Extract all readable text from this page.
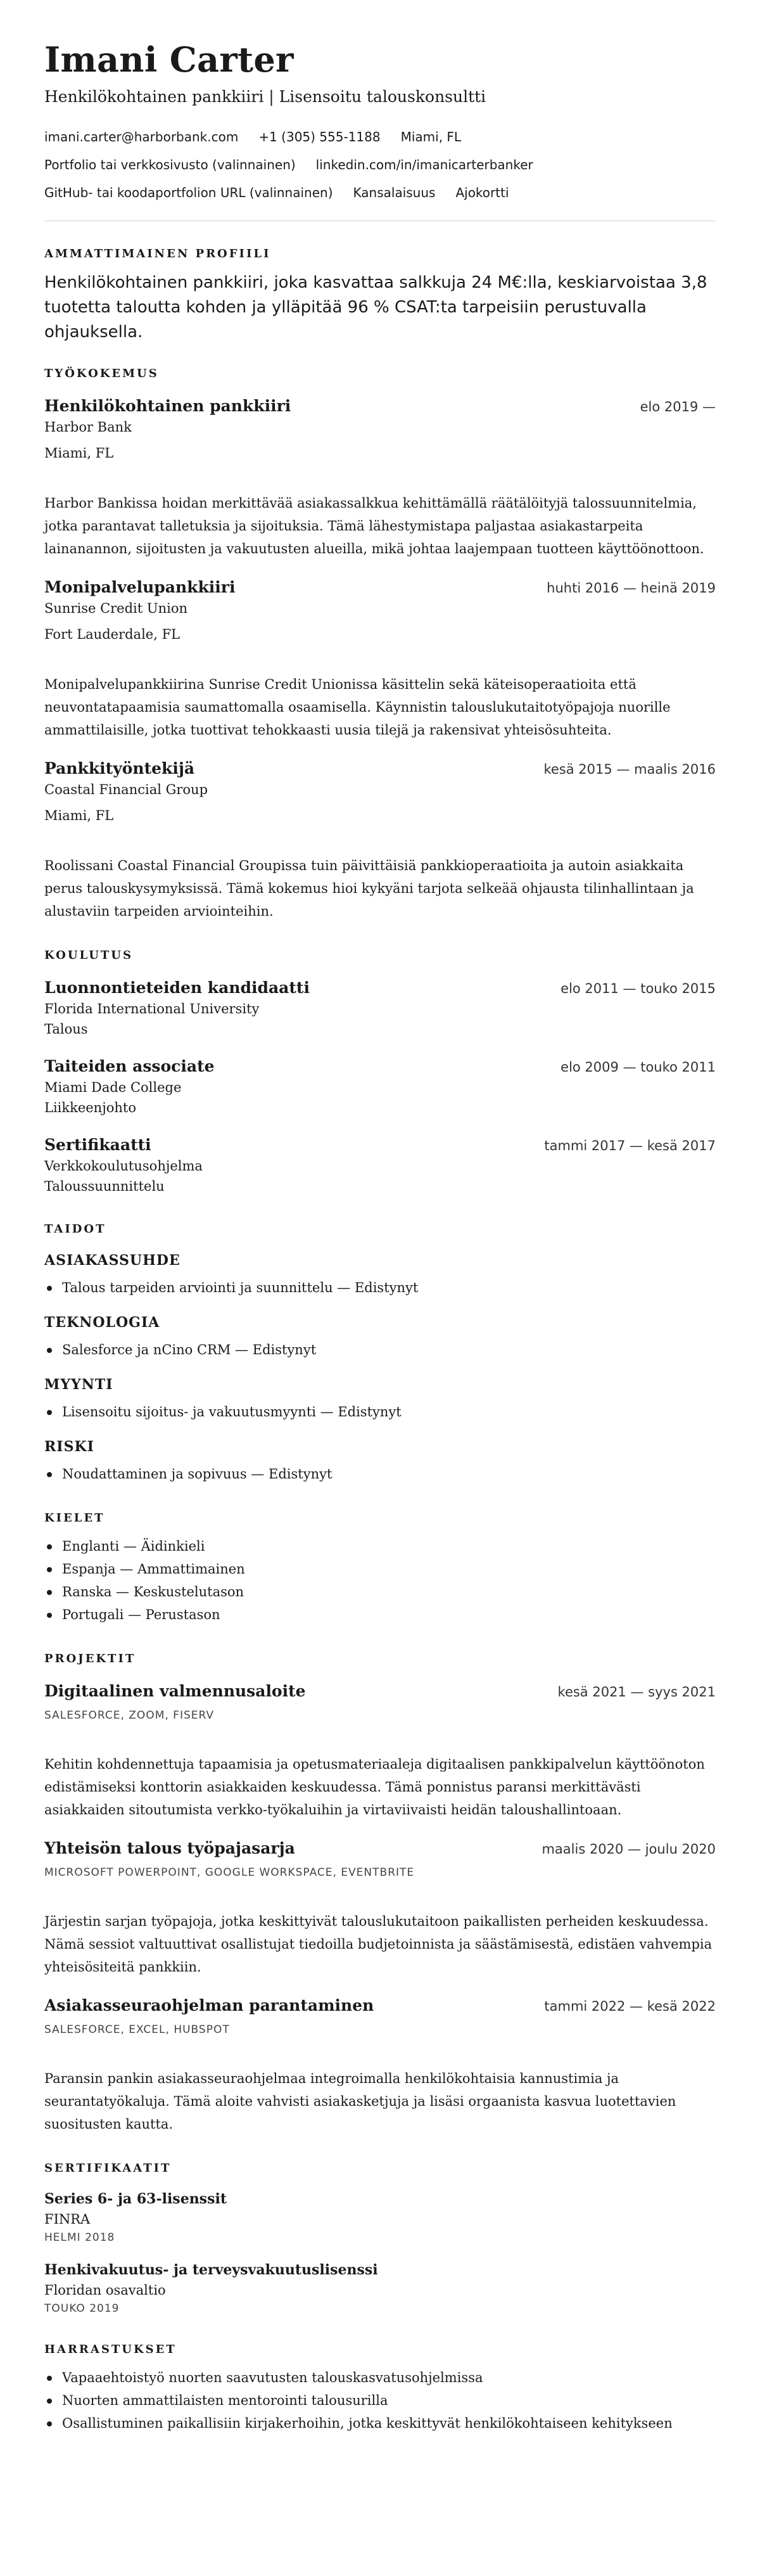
Imani Carter
Henkilökohtainen pankkiiri | Lisensoitu talouskonsultti
imani.carter@harborbank.com +1 (305) 555-1188 Miami, FL
Portfolio tai verkkosivusto (valinnainen) linkedin.com/in/imanicarterbanker
GitHub- tai koodaportfolion URL (valinnainen) Kansalaisuus Ajokortti
AMMATTIMAINEN PROFIILI

Henkilökohtainen pankkiiri, joka kasvattaa salkkuja 24 M€:lla, keskiarvoistaa 3,8 tuotetta taloutta kohden ja ylläpitää 96 % CSAT:ta tarpeisiin perustuvalla ohjauksella.

TYÖKOKEMUS
Henkilökohtainen pankkiiri	elo 2019 —
Harbor Bank
Miami, FL

Harbor Bankissa hoidan merkittävää asiakassalkkua kehittämällä räätälöityjä talossuunnitelmia, jotka parantavat talletuksia ja sijoituksia. Tämä lähestymistapa paljastaa asiakastarpeita lainanannon, sijoitusten ja vakuutusten alueilla, mikä johtaa laajempaan tuotteen käyttöönottoon.

Monipalvelupankkiiri	huhti 2016 — heinä 2019
Sunrise Credit Union
Fort Lauderdale, FL

Monipalvelupankkiirina Sunrise Credit Unionissa käsittelin sekä käteisoperaatioita että neuvontatapaamisia saumattomalla osaamisella. Käynnistin talouslukutaitotyöpajoja nuorille ammattilaisille, jotka tuottivat tehokkaasti uusia tilejä ja rakensivat yhteisösuhteita.

Pankkityöntekijä	kesä 2015 — maalis 2016
Coastal Financial Group
Miami, FL

Roolissani Coastal Financial Groupissa tuin päivittäisiä pankkioperaatioita ja autoin asiakkaita perus talouskysymyksissä. Tämä kokemus hioi kykyäni tarjota selkeää ohjausta tilinhallintaan ja alustaviin tarpeiden arviointeihin.

KOULUTUS
Luonnontieteiden kandidaatti	elo 2011 — touko 2015
Florida International University
Talous
Taiteiden associate	elo 2009 — touko 2011
Miami Dade College
Liikkeenjohto
Sertifikaatti	tammi 2017 — kesä 2017
Verkkokoulutusohjelma
Taloussuunnittelu
TAIDOT
ASIAKASSUHDE
Talous tarpeiden arviointi ja suunnittelu — Edistynyt
TEKNOLOGIA
Salesforce ja nCino CRM — Edistynyt
MYYNTI
Lisensoitu sijoitus- ja vakuutusmyynti — Edistynyt
RISKI
Noudattaminen ja sopivuus — Edistynyt
KIELET
Englanti — Äidinkieli
Espanja — Ammattimainen
Ranska — Keskustelutason
Portugali — Perustason
PROJEKTIT
Digitaalinen valmennusaloite	kesä 2021 — syys 2021
SALESFORCE, ZOOM, FISERV

Kehitin kohdennettuja tapaamisia ja opetusmateriaaleja digitaalisen pankkipalvelun käyttöönoton edistämiseksi konttorin asiakkaiden keskuudessa. Tämä ponnistus paransi merkittävästi asiakkaiden sitoutumista verkko-työkaluihin ja virtaviivaisti heidän taloushallintoaan.

Yhteisön talous työpajasarja	maalis 2020 — joulu 2020
MICROSOFT POWERPOINT, GOOGLE WORKSPACE, EVENTBRITE

Järjestin sarjan työpajoja, jotka keskittyivät talouslukutaitoon paikallisten perheiden keskuudessa. Nämä sessiot valtuuttivat osallistujat tiedoilla budjetoinnista ja säästämisestä, edistäen vahvempia yhteisösiteitä pankkiin.

Asiakasseuraohjelman parantaminen	tammi 2022 — kesä 2022
SALESFORCE, EXCEL, HUBSPOT

Paransin pankin asiakasseuraohjelmaa integroimalla henkilökohtaisia kannustimia ja seurantatyökaluja. Tämä aloite vahvisti asiakasketjuja ja lisäsi orgaanista kasvua luotettavien suositusten kautta.

SERTIFIKAATIT
Series 6- ja 63-lisenssit
FINRA
HELMI 2018
Henkivakuutus- ja terveysvakuutuslisenssi
Floridan osavaltio
TOUKO 2019
HARRASTUKSET
Vapaaehtoistyö nuorten saavutusten talouskasvatusohjelmissa
Nuorten ammattilaisten mentorointi talousurilla
Osallistuminen paikallisiin kirjakerhoihin, jotka keskittyvät henkilökohtaiseen kehitykseen
